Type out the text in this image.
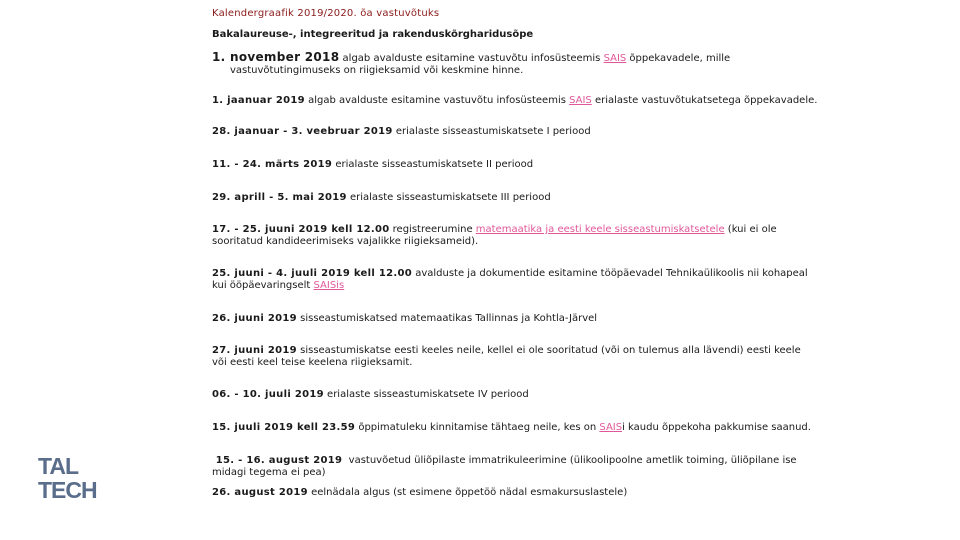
Kalendergraafik 2019/2020. õa vastuvõtuks
Bakalaureuse-, integreeritud ja rakenduskõrgharidusõpe
1. november 2018 algab avalduste esitamine vastuvõtu infosüsteemis SAIS õppekavadele, mille
vastuvõtutingimuseks on riigieksamid või keskmine hinne.
1. jaanuar 2019 algab avalduste esitamine vastuvõtu infosüsteemis SAIS erialaste vastuvõtukatsetega õppekavadele.
28. jaanuar - 3. veebruar 2019 erialaste sisseastumiskatsete I periood
11. - 24. märts 2019 erialaste sisseastumiskatsete II periood
29. aprill - 5. mai 2019 erialaste sisseastumiskatsete III periood
17. - 25. juuni 2019 kell 12.00 registreerumine matemaatika ja eesti keele sisseastumiskatsetele (kui ei ole
sooritatud kandideerimiseks vajalikke riigieksameid).
25. juuni - 4. juuli 2019 kell 12.00 avalduste ja dokumentide esitamine tööpäevadel Tehnikaülikoolis nii kohapeal
kui ööpäevaringselt SAISis
26. juuni 2019 sisseastumiskatsed matemaatikas Tallinnas ja Kohtla-Järvel
27. juuni 2019 sisseastumiskatse eesti keeles neile, kellel ei ole sooritatud (või on tulemus alla lävendi) eesti keele
või eesti keel teise keelena riigieksamit.
06. - 10. juuli 2019 erialaste sisseastumiskatsete IV periood
15. juuli 2019 kell 23.59 õppimatuleku kinnitamise tähtaeg neile, kes on SAISi kaudu õppekoha pakkumise saanud.
15. - 16. august 2019  vastuvõetud üliõpilaste immatrikuleerimine (ülikoolipoolne ametlik toiming, üliõpilane ise
midagi tegema ei pea)
26. august 2019 eelnädala algus (st esimene õppetöö nädal esmakursuslastele)
TAL
TECH
